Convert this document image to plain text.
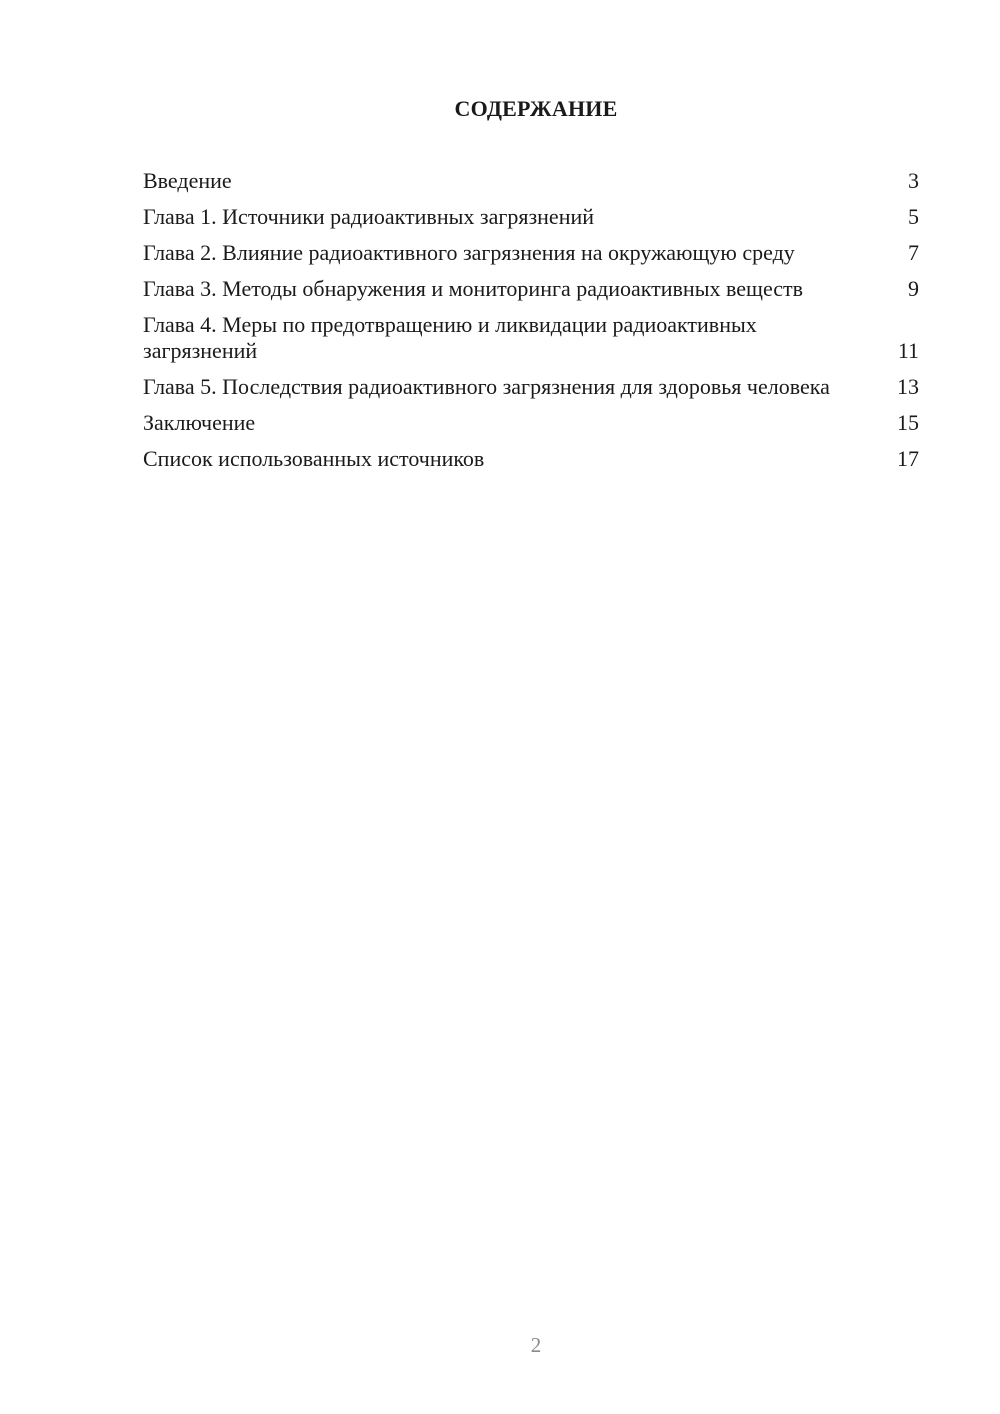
СОДЕРЖАНИЕ
Введение	3
Глава 1. Источники радиоактивных загрязнений	5
Глава 2. Влияние радиоактивного загрязнения на окружающую среду	7
Глава 3. Методы обнаружения и мониторинга радиоактивных веществ	9
Глава 4. Меры по предотвращению и ликвидации радиоактивных загрязнений	11
Глава 5. Последствия радиоактивного загрязнения для здоровья человека	13
Заключение	15
Список использованных источников	17
2
